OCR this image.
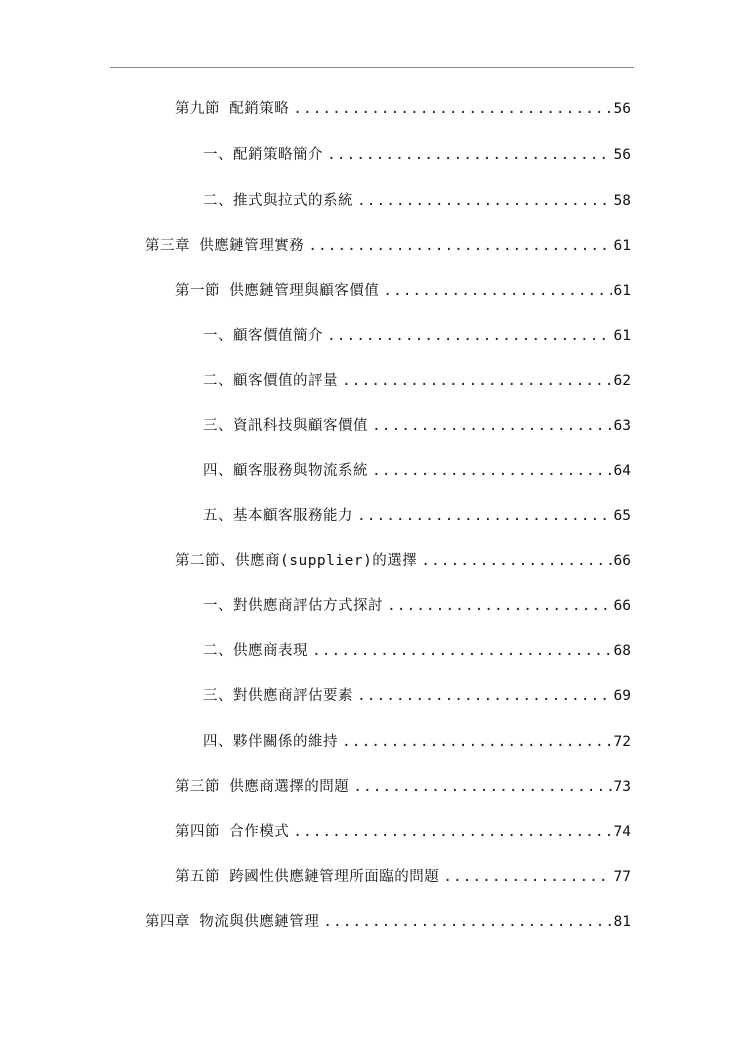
第九節 配銷策略 .....	56
一、配銷策略簡介 .....	56
二、推式與拉式的系統 .....	58
第三章 供應鏈管理實務 .....	61
第一節 供應鏈管理與顧客價值 .....	61
一、顧客價值簡介 .....	61
二、顧客價值的評量 .....	62
三、資訊科技與顧客價值 .....	63
四、顧客服務與物流系統 .....	64
五、基本顧客服務能力 .....	65
第二節、供應商(supplier)的選擇 .....	66
一、對供應商評估方式探討 .....	66
二、供應商表現 .....	68
三、對供應商評估要素 .....	69
四、夥伴關係的維持 .....	72
第三節 供應商選擇的問題 .....	73
第四節 合作模式 .....	74
第五節 跨國性供應鏈管理所面臨的問題 .....	77
第四章 物流與供應鏈管理 .....	81
